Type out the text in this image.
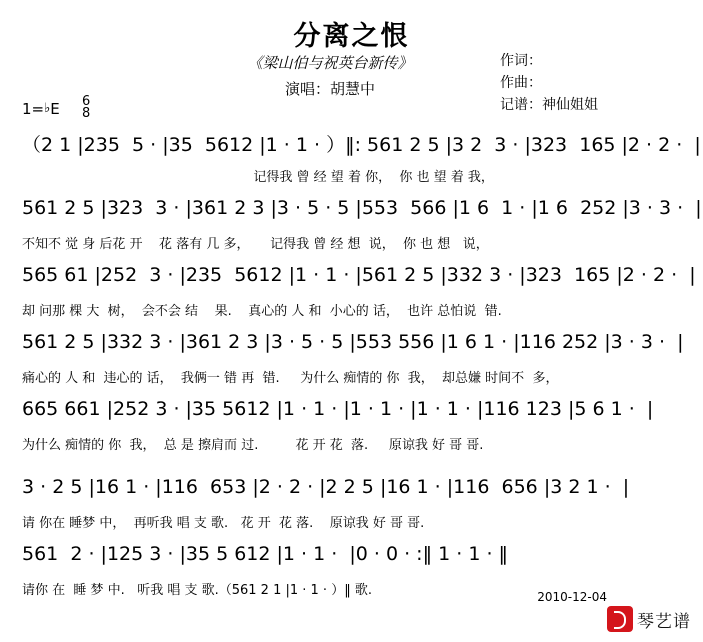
分离之恨
《梁山伯与祝英台新传》
演唱：胡慧中
作词：
作曲：
记谱：神仙姐姐
1=♭E 6
8
（2 1 |235  5 · |35  5612 |1 · 1 · ）‖: 561 2 5 |3 2  3 · |323  165 |2 · 2 ·  |
记得我 曾 经 望 着 你，  你 也 望 着 我，
561 2 5 |323  3 · |361 2 3 |3 · 5 · 5 |553  566 |1 6  1 · |1 6  252 |3 · 3 ·  |
不知不 觉 身 后花 开    花 落有 几 多，     记得我 曾 经 想  说，  你 也 想   说，
565 61 |252  3 · |235  5612 |1 · 1 · |561 2 5 |332 3 · |323  165 |2 · 2 ·  |
却 问那 棵 大  树，  会不会 结    果.    真心的 人 和  小心的 话，  也许 总怕说  错.
561 2 5 |332 3 · |361 2 3 |3 · 5 · 5 |553 556 |1 6 1 · |116 252 |3 · 3 ·  |
痛心的 人 和  违心的 话，  我俩一 错 再  错.     为什么 痴情的 你  我，  却总嫌 时间不  多，
665 661 |252 3 · |35 5612 |1 · 1 · |1 · 1 · |1 · 1 · |116 123 |5 6 1 ·  |
为什么 痴情的 你  我，  总 是 擦肩而 过.         花 开 花  落.     原谅我 好 哥 哥.
3 · 2 5 |16 1 · |116  653 |2 · 2 · |2 2 5 |16 1 · |116  656 |3 2 1 ·  |
请 你在 睡梦 中，  再听我 唱 支 歌.   花 开  花 落.    原谅我 好 哥 哥.
561  2 · |125 3 · |35 5 612 |1 · 1 ·  |0 · 0 · :‖ 1 · 1 · ‖
请你 在  睡 梦 中.   听我 唱 支 歌.（561 2 1 |1 · 1 · ）‖ 歌.	2010-12-04
琴艺谱
